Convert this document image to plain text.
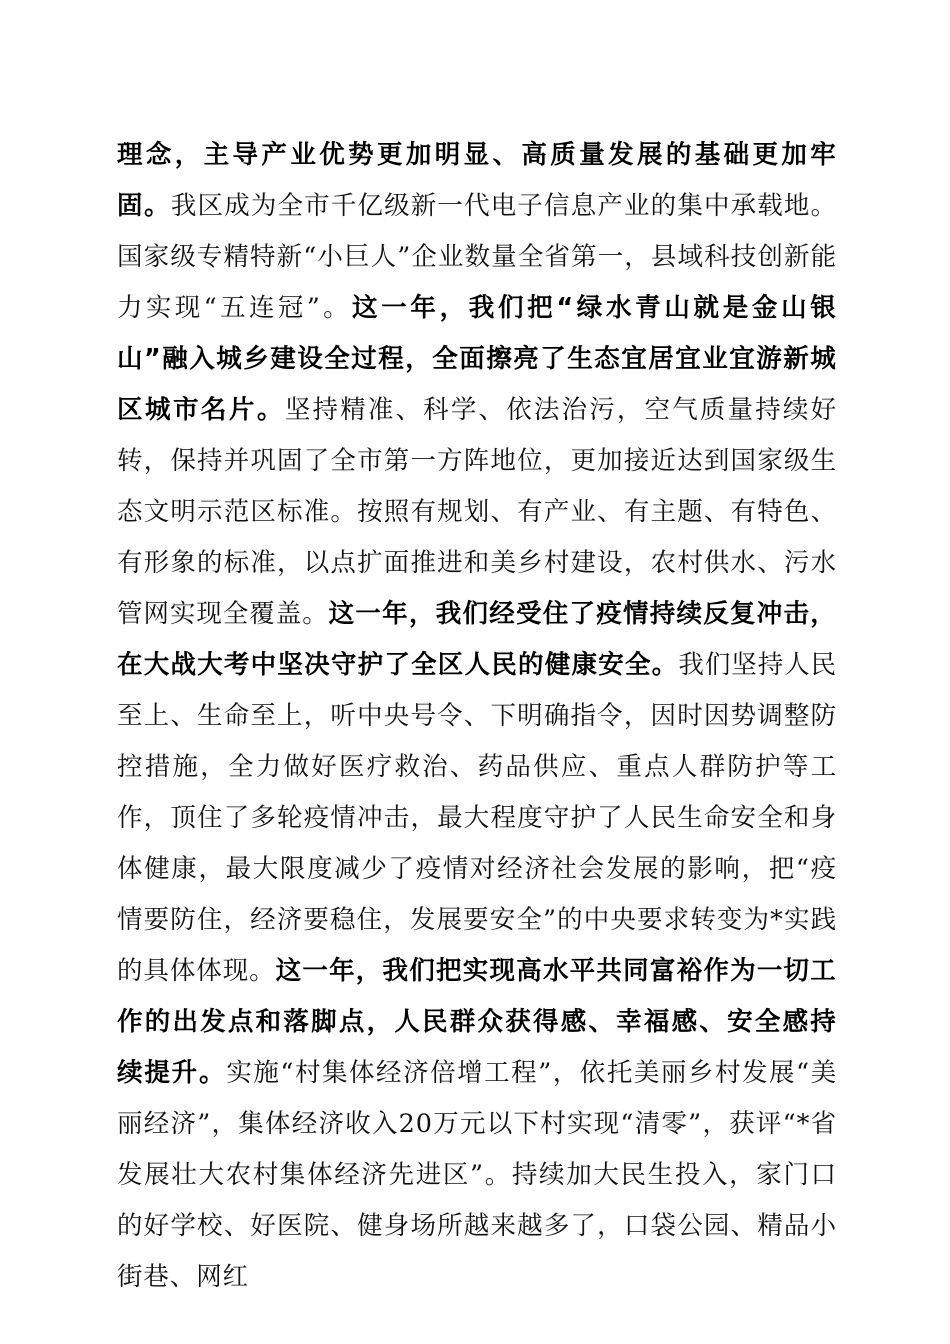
理念，主导产业优势更加明显、高质量发展的基础更加牢固。我区成为全市千亿级新一代电子信息产业的集中承载地。国家级专精特新“小巨人”企业数量全省第一，县域科技创新能力实现“五连冠”。这一年，我们把“绿水青山就是金山银山”融入城乡建设全过程，全面擦亮了生态宜居宜业宜游新城区城市名片。坚持精准、科学、依法治污，空气质量持续好转，保持并巩固了全市第一方阵地位，更加接近达到国家级生态文明示范区标准。按照有规划、有产业、有主题、有特色、有形象的标准，以点扩面推进和美乡村建设，农村供水、污水管网实现全覆盖。这一年，我们经受住了疫情持续反复冲击，在大战大考中坚决守护了全区人民的健康安全。我们坚持人民至上、生命至上，听中央号令、下明确指令，因时因势调整防控措施，全力做好医疗救治、药品供应、重点人群防护等工作，顶住了多轮疫情冲击，最大程度守护了人民生命安全和身体健康，最大限度减少了疫情对经济社会发展的影响，把“疫情要防住，经济要稳住，发展要安全”的中央要求转变为*实践的具体体现。这一年，我们把实现高水平共同富裕作为一切工作的出发点和落脚点，人民群众获得感、幸福感、安全感持续提升。实施“村集体经济倍增工程”，依托美丽乡村发展“美丽经济”，集体经济收入20万元以下村实现“清零”，获评“*省发展壮大农村集体经济先进区”。持续加大民生投入，家门口的好学校、好医院、健身场所越来越多了，口袋公园、精品小街巷、网红
